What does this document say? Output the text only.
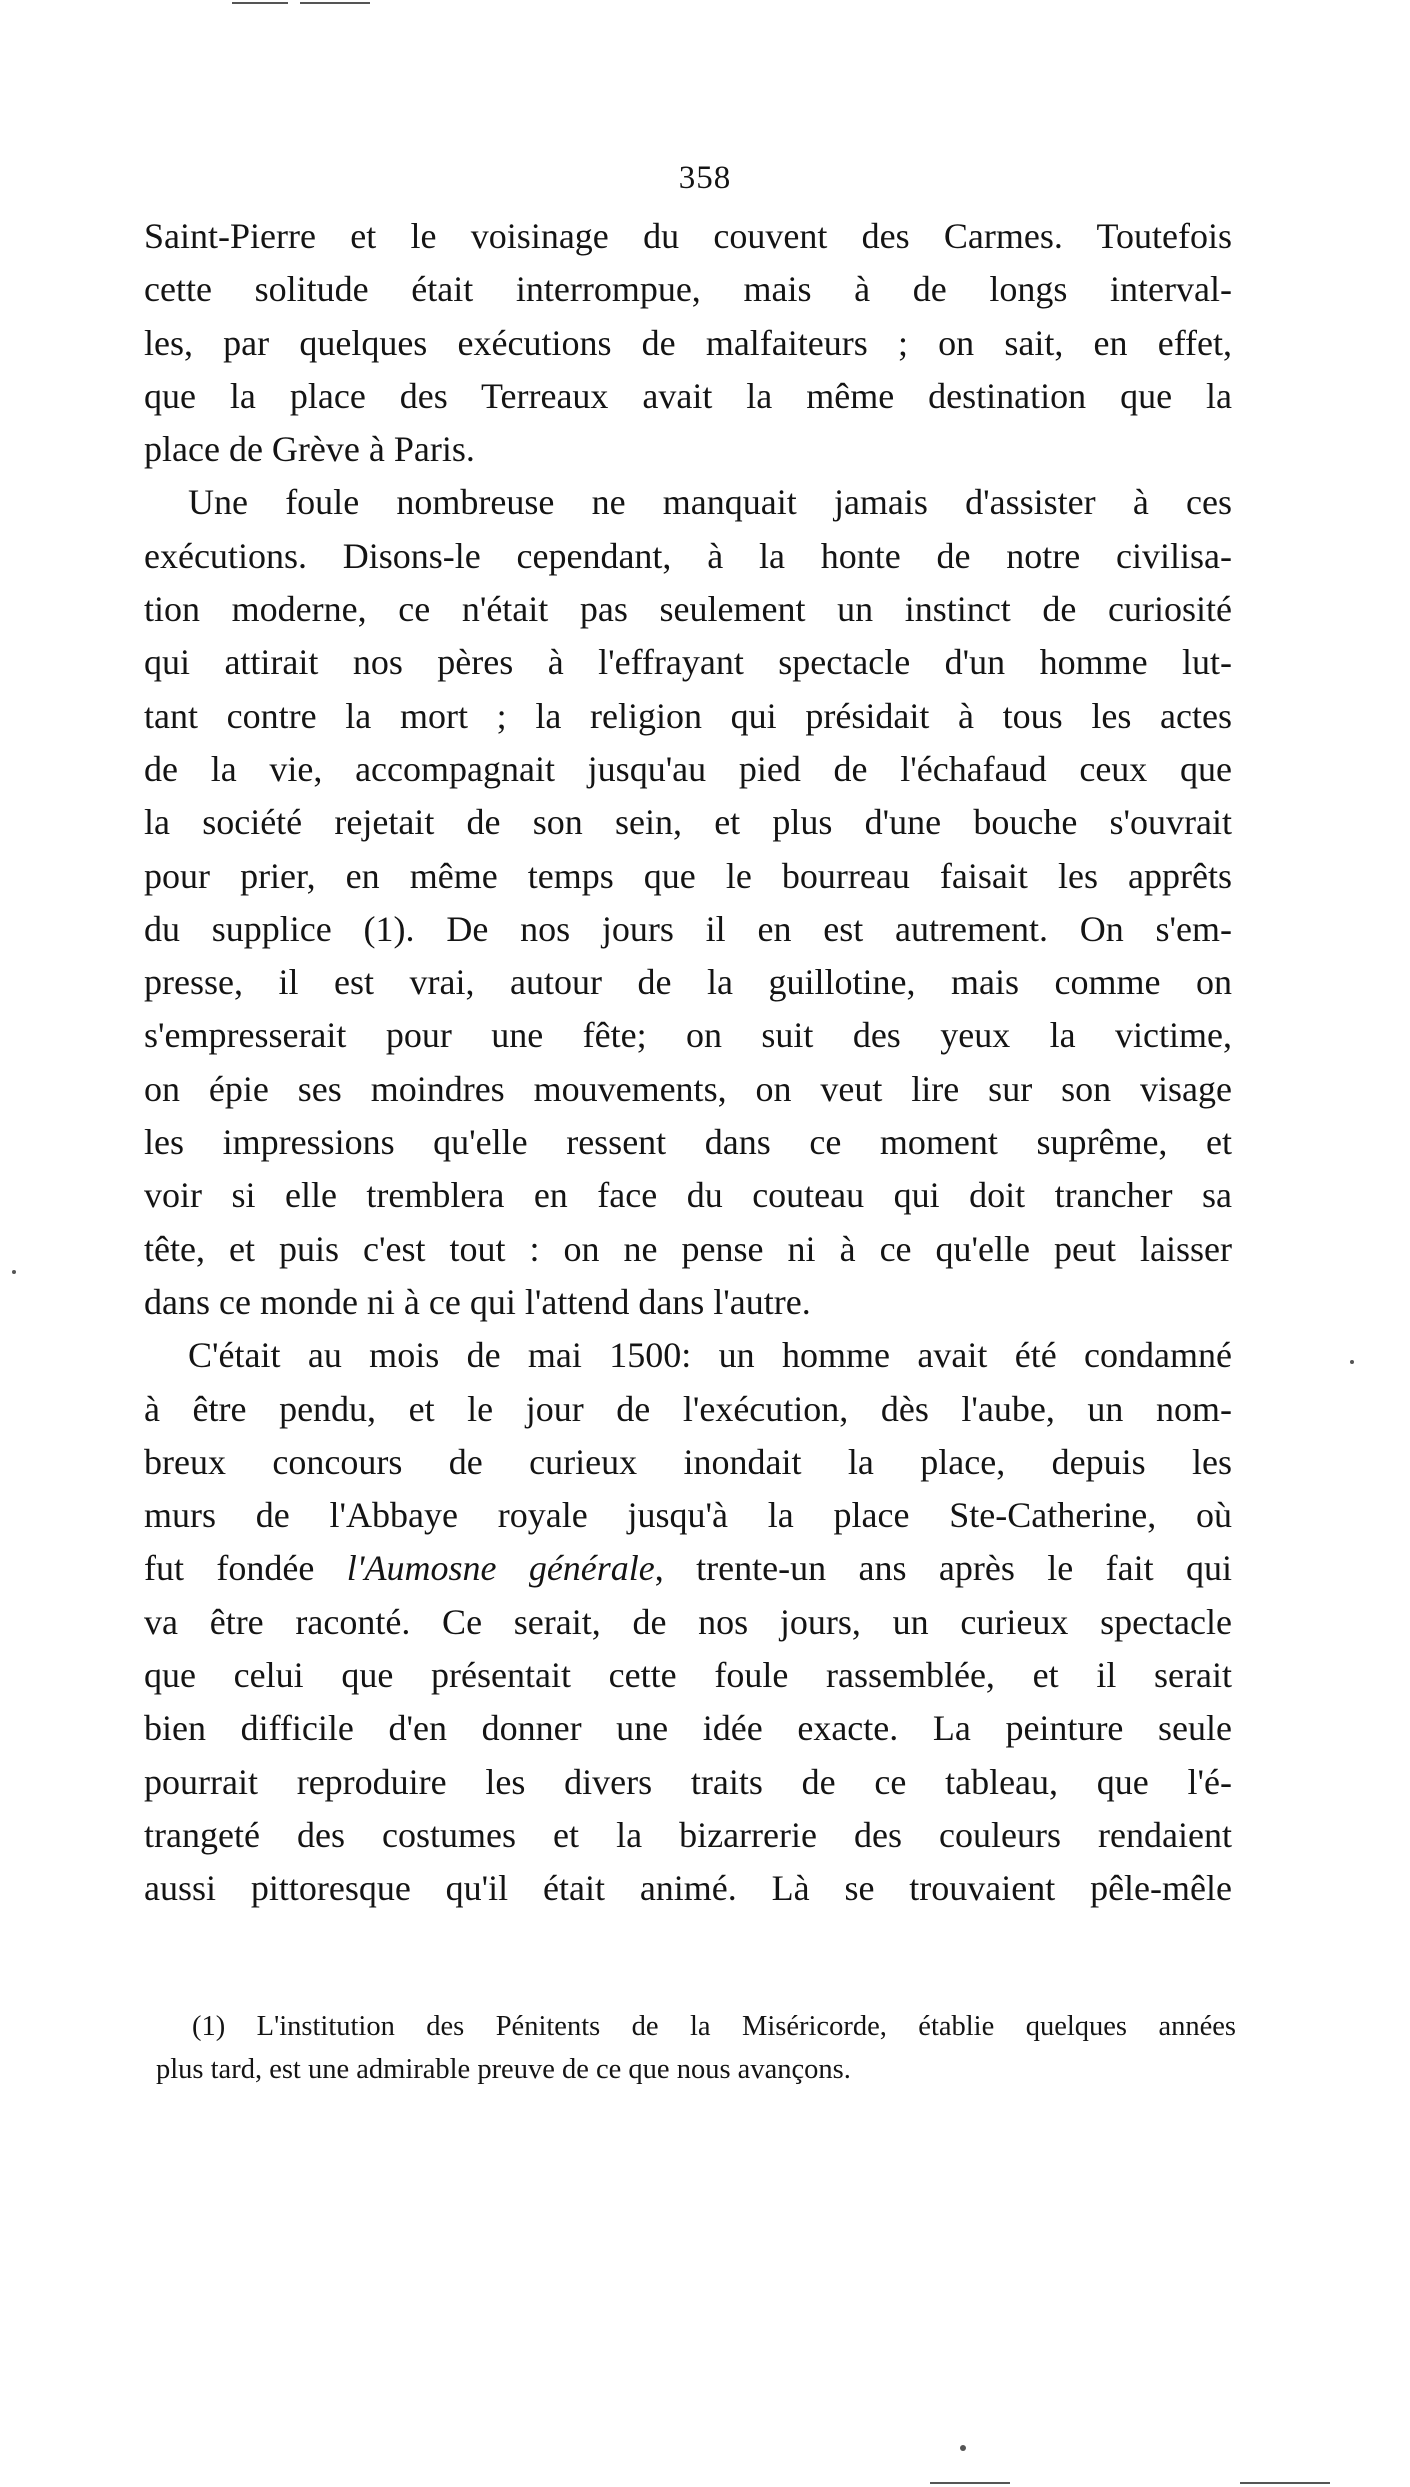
358
Saint-Pierre et le voisinage du couvent des Carmes. Toutefois
cette solitude était interrompue, mais à de longs interval-
les, par quelques exécutions de malfaiteurs ; on sait, en effet,
que la place des Terreaux avait la même destination que la
place de Grève à Paris.
Une foule nombreuse ne manquait jamais d'assister à ces
exécutions. Disons-le cependant, à la honte de notre civilisa-
tion moderne, ce n'était pas seulement un instinct de curiosité
qui attirait nos pères à l'effrayant spectacle d'un homme lut-
tant contre la mort ; la religion qui présidait à tous les actes
de la vie, accompagnait jusqu'au pied de l'échafaud ceux que
la société rejetait de son sein, et plus d'une bouche s'ouvrait
pour prier, en même temps que le bourreau faisait les apprêts
du supplice (1). De nos jours il en est autrement. On s'em-
presse, il est vrai, autour de la guillotine, mais comme on
s'empresserait pour une fête; on suit des yeux la victime,
on épie ses moindres mouvements, on veut lire sur son visage
les impressions qu'elle ressent dans ce moment suprême, et
voir si elle tremblera en face du couteau qui doit trancher sa
tête, et puis c'est tout : on ne pense ni à ce qu'elle peut laisser
dans ce monde ni à ce qui l'attend dans l'autre.
C'était au mois de mai 1500: un homme avait été condamné
à être pendu, et le jour de l'exécution, dès l'aube, un nom-
breux concours de curieux inondait la place, depuis les
murs de l'Abbaye royale jusqu'à la place Ste-Catherine, où
fut fondée l'Aumosne générale, trente-un ans après le fait qui
va être raconté. Ce serait, de nos jours, un curieux spectacle
que celui que présentait cette foule rassemblée, et il serait
bien difficile d'en donner une idée exacte. La peinture seule
pourrait reproduire les divers traits de ce tableau, que l'é-
trangeté des costumes et la bizarrerie des couleurs rendaient
aussi pittoresque qu'il était animé. Là se trouvaient pêle-mêle
(1) L'institution des Pénitents de la Miséricorde, établie quelques années
plus tard, est une admirable preuve de ce que nous avançons.
